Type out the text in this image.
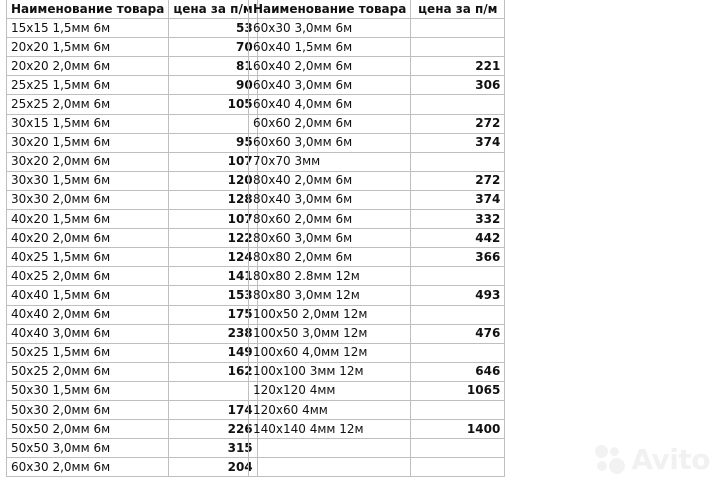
Наименование товара	цена за п/м
15х15 1,5мм 6м	53
20х20 1,5мм 6м	70
20х20 2,0мм 6м	81
25х25 1,5мм 6м	90
25х25 2,0мм 6м	105
30х15 1,5мм 6м	
30х20 1,5мм 6м	95
30х20 2,0мм 6м	107
30х30 1,5мм 6м	120
30х30 2,0мм 6м	128
40х20 1,5мм 6м	107
40х20 2,0мм 6м	122
40х25 1,5мм 6м	124
40х25 2,0мм 6м	141
40х40 1,5мм 6м	153
40х40 2,0мм 6м	175
40х40 3,0мм 6м	238
50х25 1,5мм 6м	149
50х25 2,0мм 6м	162
50х30 1,5мм 6м	
50х30 2,0мм 6м	174
50х50 2,0мм 6м	226
50х50 3,0мм 6м	315
60х30 2,0мм 6м	204
Наименование товара	цена за п/м
60х30 3,0мм 6м	
60х40 1,5мм 6м	
60х40 2,0мм 6м	221
60х40 3,0мм 6м	306
60х40 4,0мм 6м	
60х60 2,0мм 6м	272
60х60 3,0мм 6м	374
70х70 3мм	
80х40 2,0мм 6м	272
80х40 3,0мм 6м	374
80х60 2,0мм 6м	332
80х60 3,0мм 6м	442
80х80 2,0мм 6м	366
80х80 2.8мм 12м	
80х80 3,0мм 12м	493
100х50 2,0мм 12м	
100х50 3,0мм 12м	476
100х60 4,0мм 12м	
100х100 3мм 12м	646
120х120 4мм	1065
120х60 4мм	
140х140 4мм 12м	1400

Avito
